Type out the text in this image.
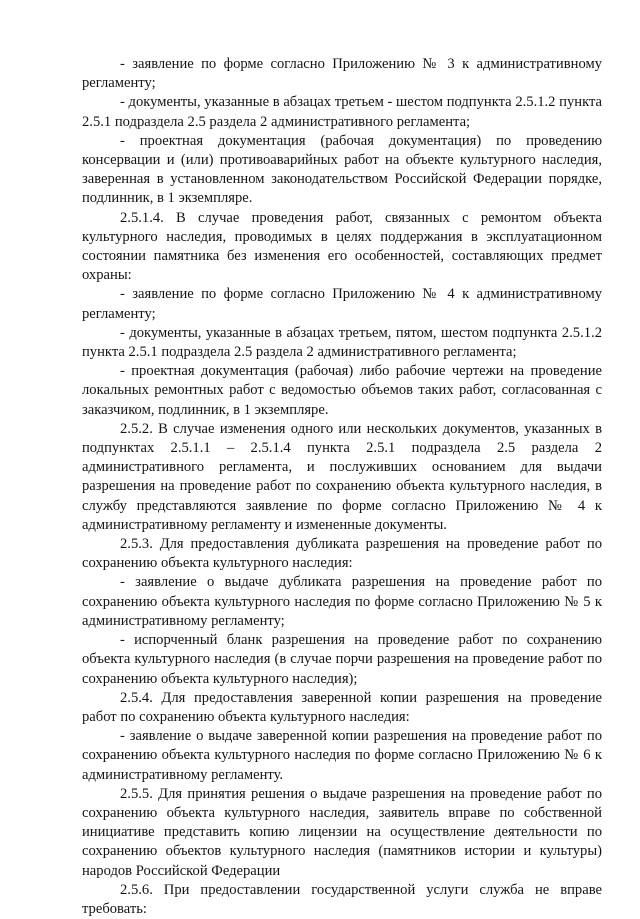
- заявление по форме согласно Приложению № 3 к административному регламенту;

- документы, указанные в абзацах третьем - шестом подпункта 2.5.1.2 пункта 2.5.1 подраздела 2.5 раздела 2 административного регламента;

- проектная документация (рабочая документация) по проведению консервации и (или) противоаварийных работ на объекте культурного наследия, заверенная в установленном законодательством Российской Федерации порядке, подлинник, в 1 экземпляре.

2.5.1.4. В случае проведения работ, связанных с ремонтом объекта культурного наследия, проводимых в целях поддержания в эксплуатационном состоянии памятника без изменения его особенностей, составляющих предмет охраны:

- заявление по форме согласно Приложению № 4 к административному регламенту;

- документы, указанные в абзацах третьем, пятом, шестом подпункта 2.5.1.2 пункта 2.5.1 подраздела 2.5 раздела 2 административного регламента;

- проектная документация (рабочая) либо рабочие чертежи на проведение локальных ремонтных работ с ведомостью объемов таких работ, согласованная с заказчиком, подлинник, в 1 экземпляре.

2.5.2. В случае изменения одного или нескольких документов, указанных в подпунктах 2.5.1.1 – 2.5.1.4 пункта 2.5.1 подраздела 2.5 раздела 2 административного регламента, и послуживших основанием для выдачи разрешения на проведение работ по сохранению объекта культурного наследия, в службу представляются заявление по форме согласно Приложению № 4 к административному регламенту и измененные документы.

2.5.3. Для предоставления дубликата разрешения на проведение работ по сохранению объекта культурного наследия:

- заявление о выдаче дубликата разрешения на проведение работ по сохранению объекта культурного наследия по форме согласно Приложению № 5 к административному регламенту;

- испорченный бланк разрешения на проведение работ по сохранению объекта культурного наследия (в случае порчи разрешения на проведение работ по сохранению объекта культурного наследия);

2.5.4. Для предоставления заверенной копии разрешения на проведение работ по сохранению объекта культурного наследия:

- заявление о выдаче заверенной копии разрешения на проведение работ по сохранению объекта культурного наследия по форме согласно Приложению № 6 к административному регламенту.

2.5.5. Для принятия решения о выдаче разрешения на проведение работ по сохранению объекта культурного наследия, заявитель вправе по собственной инициативе представить копию лицензии на осуществление деятельности по сохранению объектов культурного наследия (памятников истории и культуры) народов Российской Федерации

2.5.6. При предоставлении государственной услуги служба не вправе требовать:
